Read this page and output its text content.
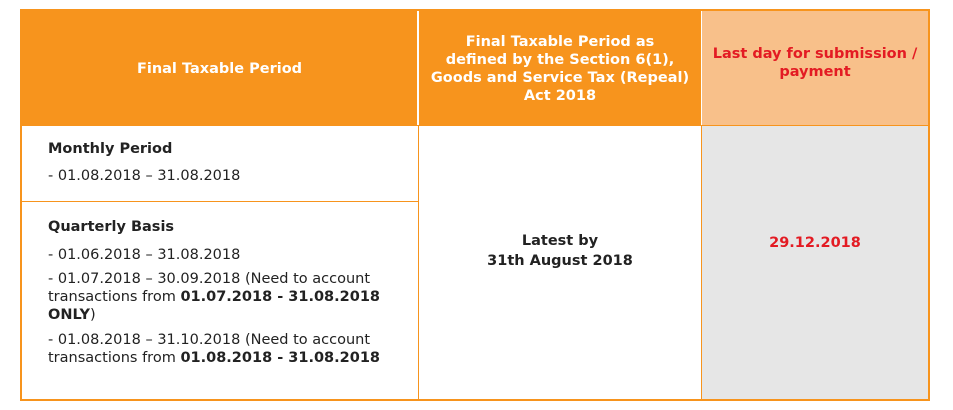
Final Taxable Period
Final Taxable Period as
defined by the Section 6(1),
Goods and Service Tax (Repeal)
Act 2018
Last day for submission /
payment
Monthly Period
- 01.08.2018 – 31.08.2018
Quarterly Basis
- 01.06.2018 – 31.08.2018
- 01.07.2018 – 30.09.2018 (Need to account
transactions from 01.07.2018 - 31.08.2018
ONLY)
- 01.08.2018 – 31.10.2018 (Need to account
transactions from 01.08.2018 - 31.08.2018
Latest by
31th August 2018
29.12.2018
